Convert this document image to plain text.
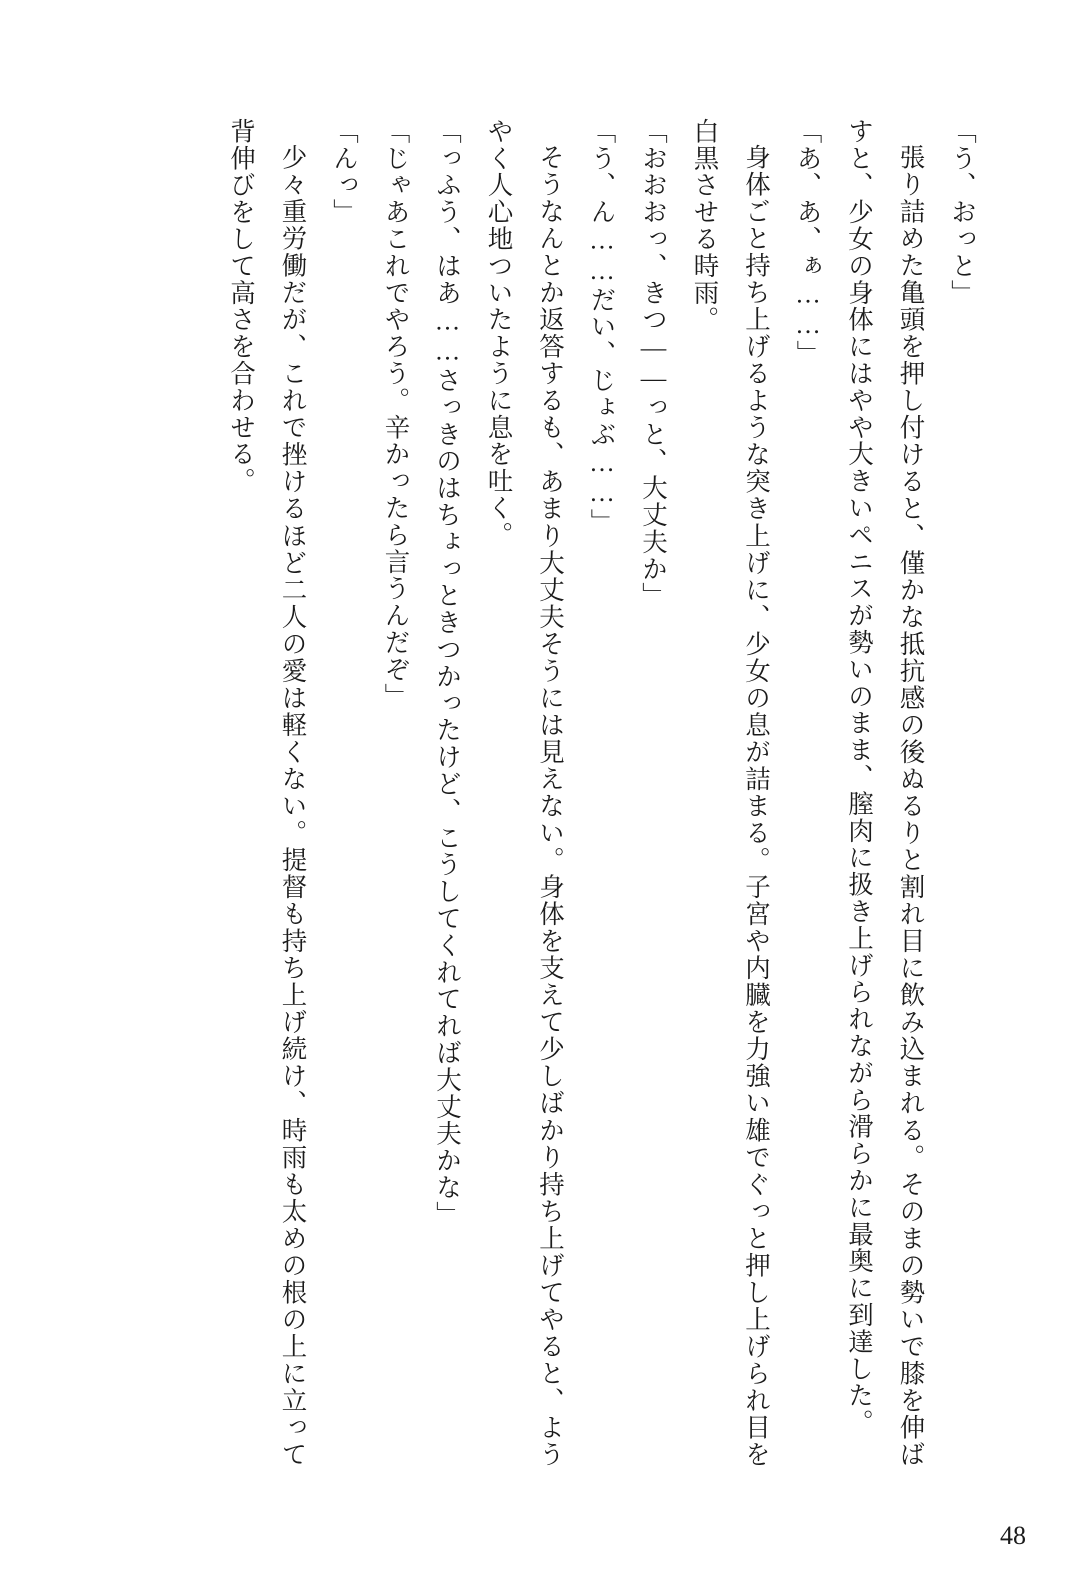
「う、おっと」

張り詰めた亀頭を押し付けると、僅かな抵抗感の後ぬるりと割れ目に飲み込まれる。そのまの勢いで膝を伸ばすと、少女の身体にはやや大きいペニスが勢いのまま、膣肉に扱き上げられながら滑らかに最奥に到達した。

「あ、あ、ぁ……」

身体ごと持ち上げるような突き上げに、少女の息が詰まる。子宮や内臓を力強い雄でぐっと押し上げられ目を白黒させる時雨。

「おおおっ、きつ――っと、大丈夫か」

「う、ん……だい、じょぶ……」

そうなんとか返答するも、あまり大丈夫そうには見えない。身体を支えて少しばかり持ち上げてやると、ようやく人心地ついたように息を吐く。

「っふう、はあ……さっきのはちょっときつかったけど、こうしてくれてれば大丈夫かな」

「じゃあこれでやろう。辛かったら言うんだぞ」

「んっ」

少々重労働だが、これで挫けるほど二人の愛は軽くない。提督も持ち上げ続け、時雨も太めの根の上に立って背伸びをして高さを合わせる。

48
